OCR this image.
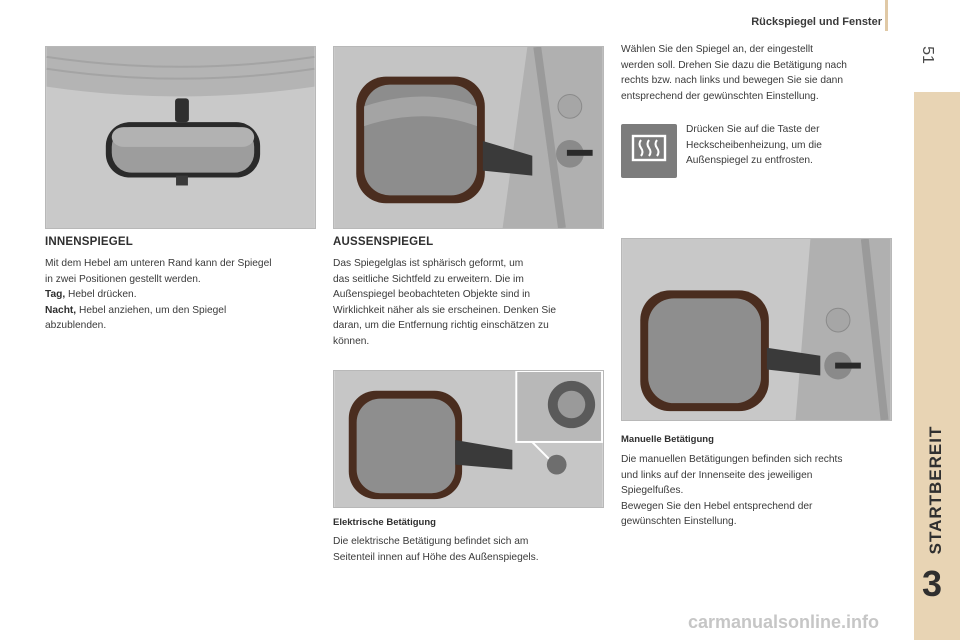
Rückspiegel und Fenster
51
STARTBEREIT
3
INNENSPIEGEL
Mit dem Hebel am unteren Rand kann der Spiegel
in zwei Positionen gestellt werden.
Tag, Hebel drücken.
Nacht, Hebel anziehen, um den Spiegel
abzublenden.
AUSSENSPIEGEL
Das Spiegelglas ist sphärisch geformt, um
das seitliche Sichtfeld zu erweitern. Die im
Außenspiegel beobachteten Objekte sind in
Wirklichkeit näher als sie erscheinen. Denken Sie
daran, um die Entfernung richtig einschätzen zu
können.
Elektrische Betätigung
Die elektrische Betätigung befindet sich am
Seitenteil innen auf Höhe des Außenspiegels.
Wählen Sie den Spiegel an, der eingestellt
werden soll. Drehen Sie dazu die Betätigung nach
rechts bzw. nach links und bewegen Sie sie dann
entsprechend der gewünschten Einstellung.
Drücken Sie auf die Taste der
Heckscheibenheizung, um die
Außenspiegel zu entfrosten.
Manuelle Betätigung
Die manuellen Betätigungen befinden sich rechts
und links auf der Innenseite des jeweiligen
Spiegelfußes.
Bewegen Sie den Hebel entsprechend der
gewünschten Einstellung.
carmanualsonline.info
